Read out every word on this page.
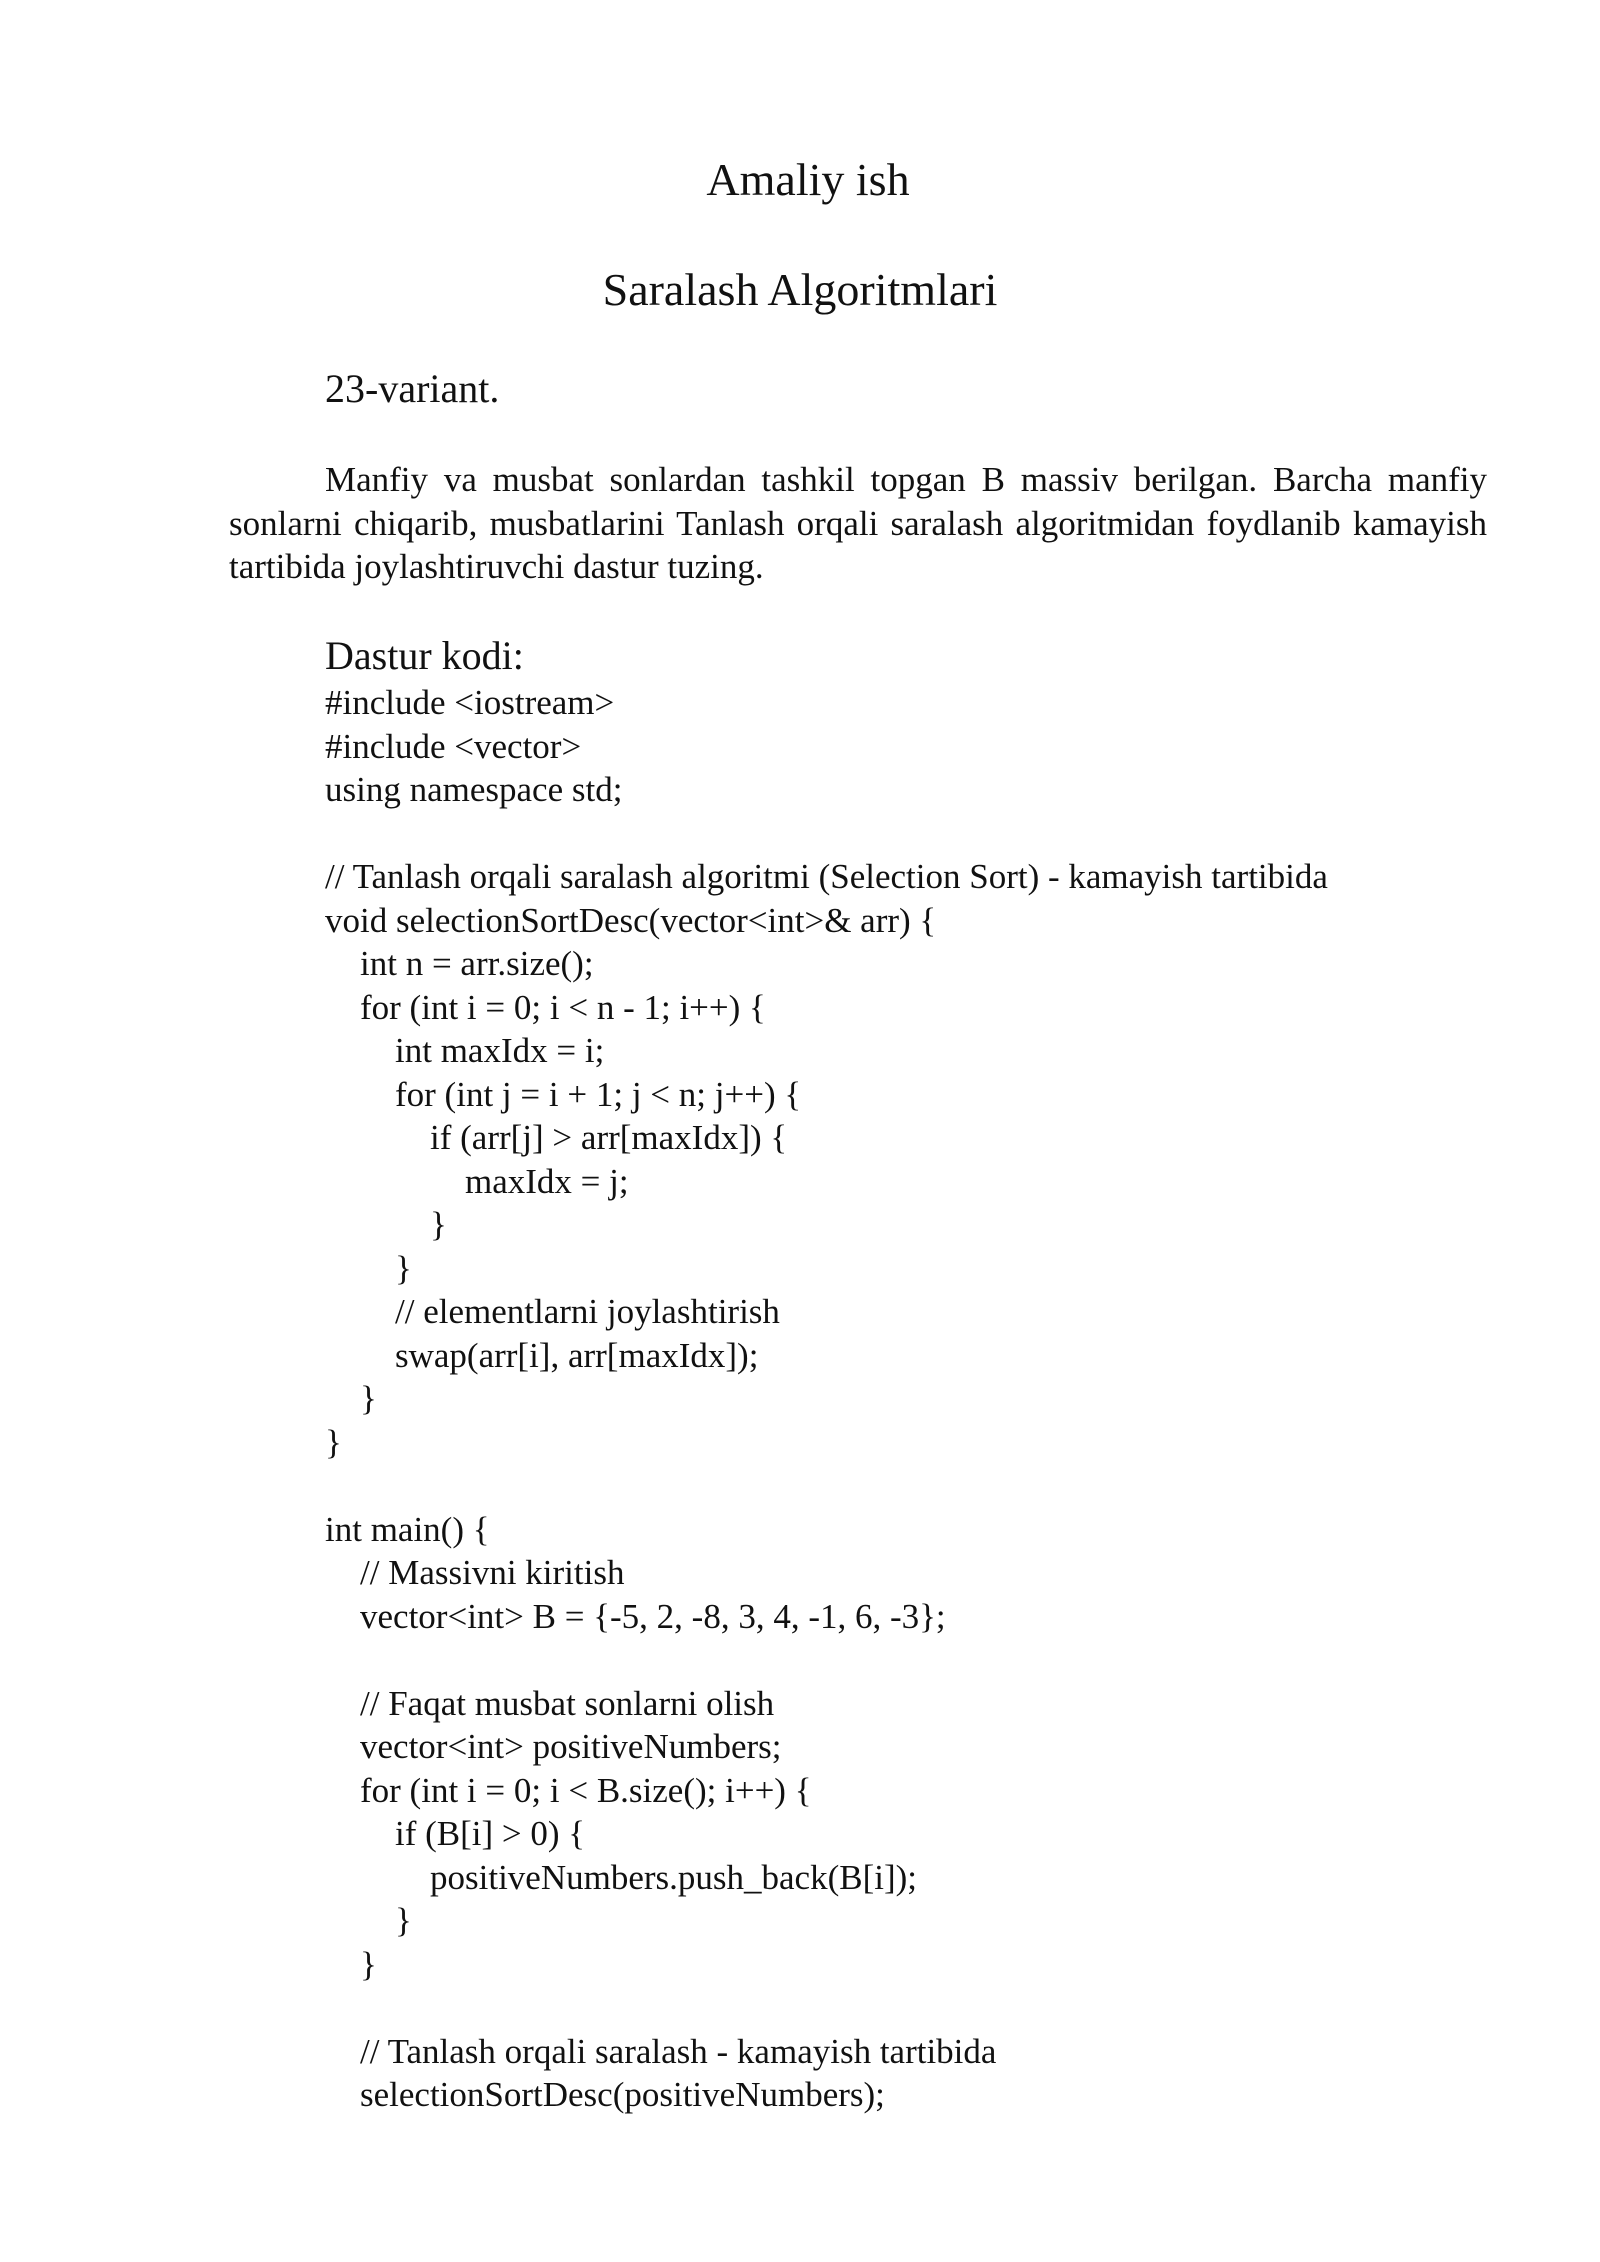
Amaliy ish
Saralash Algoritmlari

23-variant.

Manfiy va musbat sonlardan tashkil topgan B massiv berilgan. Barcha manfiy sonlarni chiqarib, musbatlarini Tanlash orqali saralash algoritmidan foydlanib kamayish tartibida joylashtiruvchi dastur tuzing.

Dastur kodi:
#include <iostream>
#include <vector>
using namespace std;
// Tanlash orqali saralash algoritmi (Selection Sort) - kamayish tartibida
void selectionSortDesc(vector<int>& arr) {
int n = arr.size();
for (int i = 0; i < n - 1; i++) {
int maxIdx = i;
for (int j = i + 1; j < n; j++) {
if (arr[j] > arr[maxIdx]) {
maxIdx = j;
}
}
// elementlarni joylashtirish
swap(arr[i], arr[maxIdx]);
}
}
int main() {
// Massivni kiritish
vector<int> B = {-5, 2, -8, 3, 4, -1, 6, -3};
// Faqat musbat sonlarni olish
vector<int> positiveNumbers;
for (int i = 0; i < B.size(); i++) {
if (B[i] > 0) {
positiveNumbers.push_back(B[i]);
}
}
// Tanlash orqali saralash - kamayish tartibida
selectionSortDesc(positiveNumbers);
